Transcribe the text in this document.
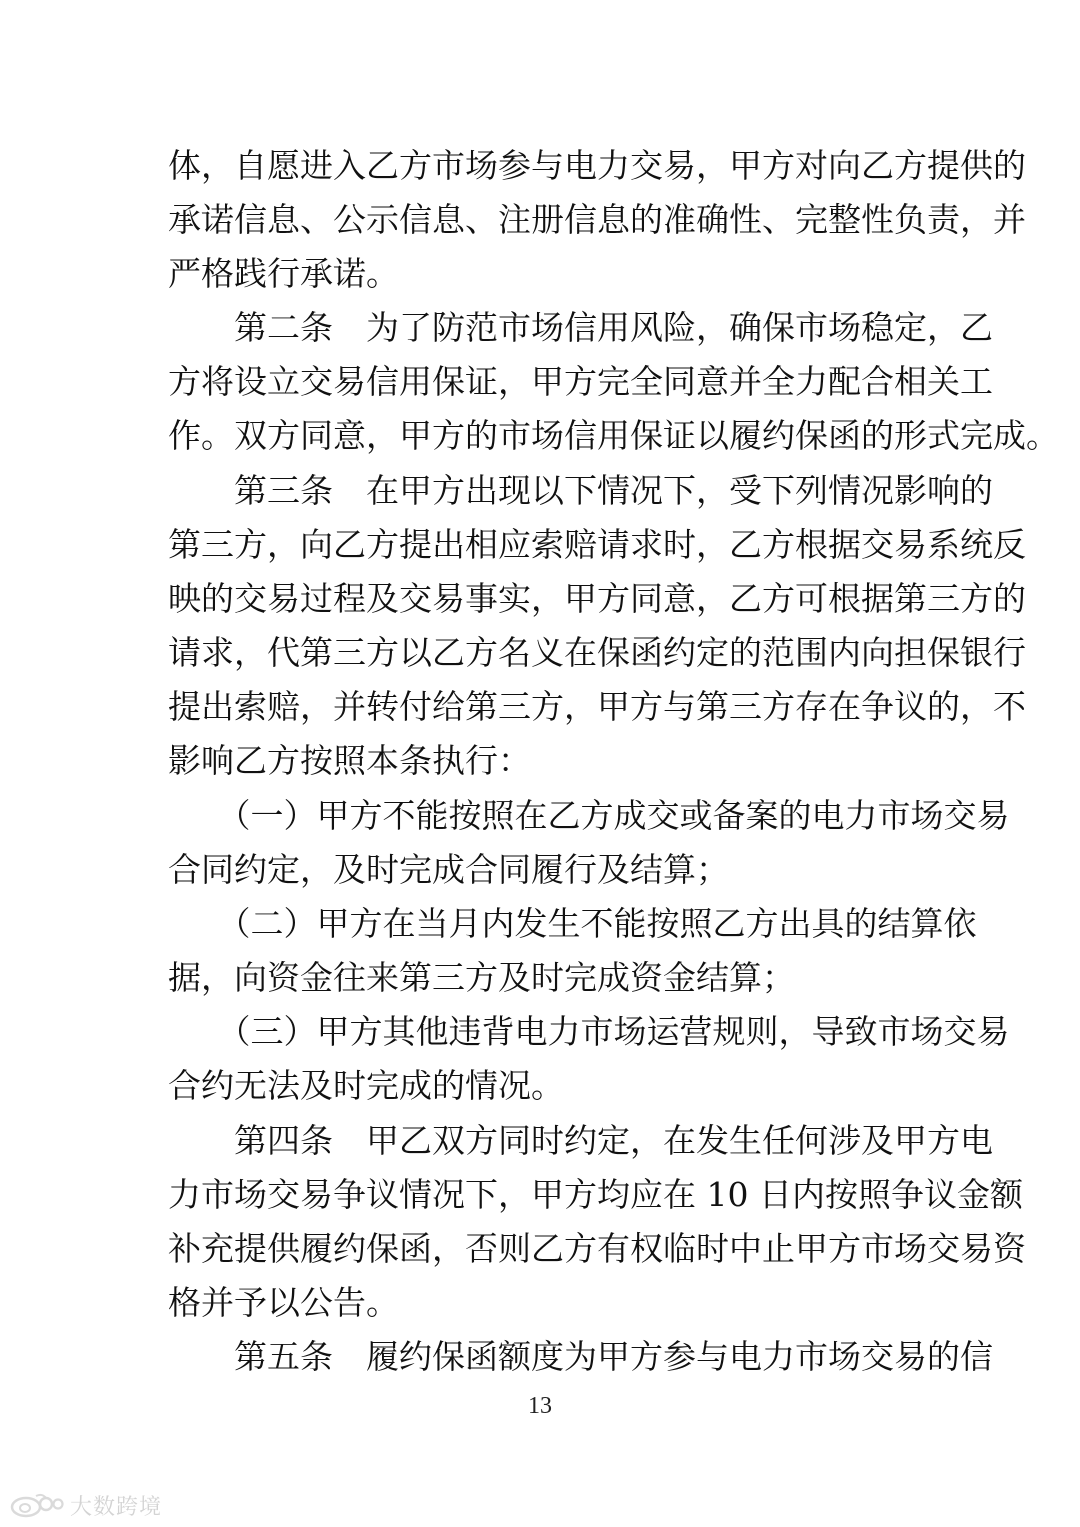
体，自愿进入乙方市场参与电力交易，甲方对向乙方提供的
承诺信息、公示信息、注册信息的准确性、完整性负责，并
严格践行承诺。
　　第二条　为了防范市场信用风险，确保市场稳定，乙
方将设立交易信用保证，甲方完全同意并全力配合相关工
作。双方同意，甲方的市场信用保证以履约保函的形式完成。
　　第三条　在甲方出现以下情况下，受下列情况影响的
第三方，向乙方提出相应索赔请求时，乙方根据交易系统反
映的交易过程及交易事实，甲方同意，乙方可根据第三方的
请求，代第三方以乙方名义在保函约定的范围内向担保银行
提出索赔，并转付给第三方，甲方与第三方存在争议的，不
影响乙方按照本条执行：
　　（一）甲方不能按照在乙方成交或备案的电力市场交易
合同约定，及时完成合同履行及结算；
　　（二）甲方在当月内发生不能按照乙方出具的结算依
据，向资金往来第三方及时完成资金结算；
　　（三）甲方其他违背电力市场运营规则，导致市场交易
合约无法及时完成的情况。
　　第四条　甲乙双方同时约定，在发生任何涉及甲方电
力市场交易争议情况下，甲方均应在 10 日内按照争议金额
补充提供履约保函，否则乙方有权临时中止甲方市场交易资
格并予以公告。
　　第五条　履约保函额度为甲方参与电力市场交易的信
13
大数跨境
